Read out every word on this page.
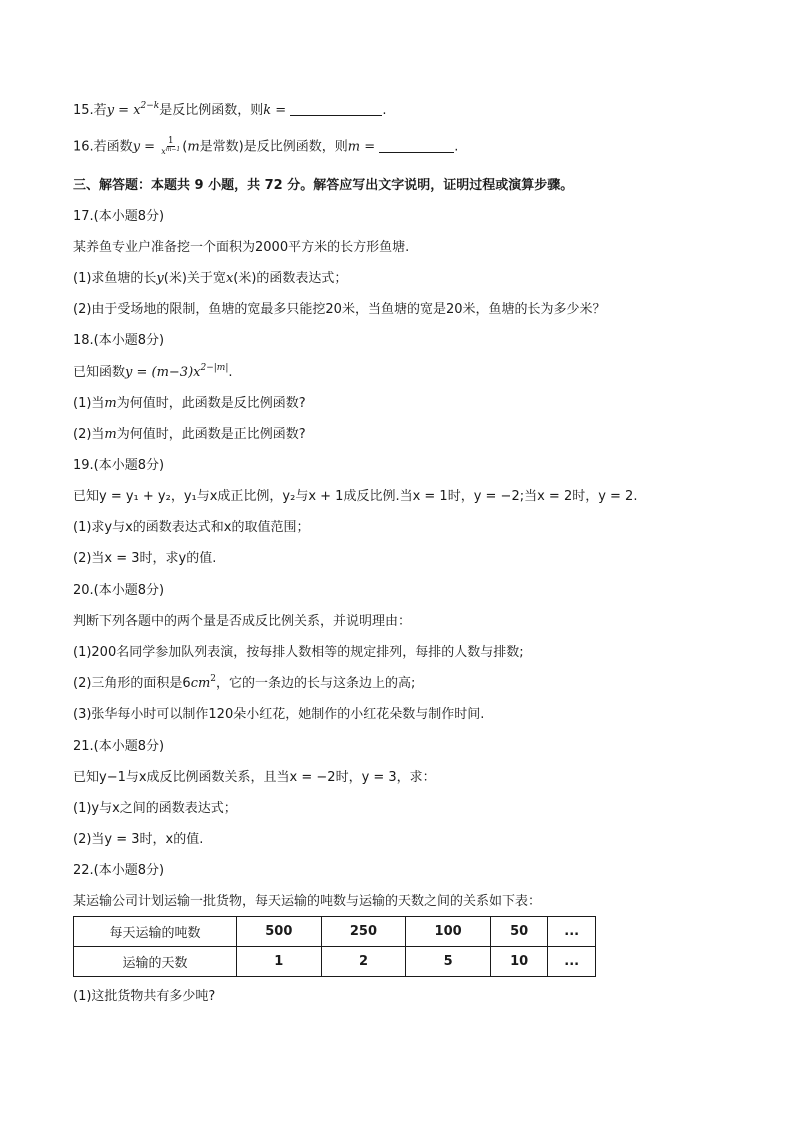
15.若$y = x^{2-k}$是反比例函数，则k =	.
16.若函数$y = \frac{1}{x^{m-1}} (m$是常数)是反比例函数，则m =	.
三、解答题：本题共 9 小题，共 72 分。解答应写出文字说明，证明过程或演算步骤。
17.(本小题8分)
某养鱼专业户准备挖一个面积为2000平方米的长方形鱼塘.
(1)求鱼塘的长y(米)关于宽x(米)的函数表达式；
(2)由于受场地的限制，鱼塘的宽最多只能挖20米，当鱼塘的宽是20米，鱼塘的长为多少米？
18.(本小题8分)
已知函数$y = (m-3)x^{2-|m|}$.
(1)当m为何值时，此函数是反比例函数?
(2)当m为何值时，此函数是正比例函数?
19.(本小题8分)
已知y = y₁ + y₂，y₁与x成正比例，y₂与x + 1成反比例.当x = 1时，y = −2;当x = 2时，y = 2.
(1)求y与x的函数表达式和x的取值范围；
(2)当x = 3时，求y的值.
20.(本小题8分)
判断下列各题中的两个量是否成反比例关系，并说明理由：
(1)200名同学参加队列表演，按每排人数相等的规定排列，每排的人数与排数;
(2)三角形的面积是$6cm^2$，它的一条边的长与这条边上的高;
(3)张华每小时可以制作120朵小红花，她制作的小红花朵数与制作时间.
21.(本小题8分)
已知y−1与x成反比例函数关系，且当x = −2时，y = 3，求：
(1)y与x之间的函数表达式；
(2)当y = 3时，x的值.
22.(本小题8分)
某运输公司计划运输一批货物，每天运输的吨数与运输的天数之间的关系如下表：
每天运输的吨数	500	250	100	50	...
运输的天数	1	2	5	10	...
(1)这批货物共有多少吨?
